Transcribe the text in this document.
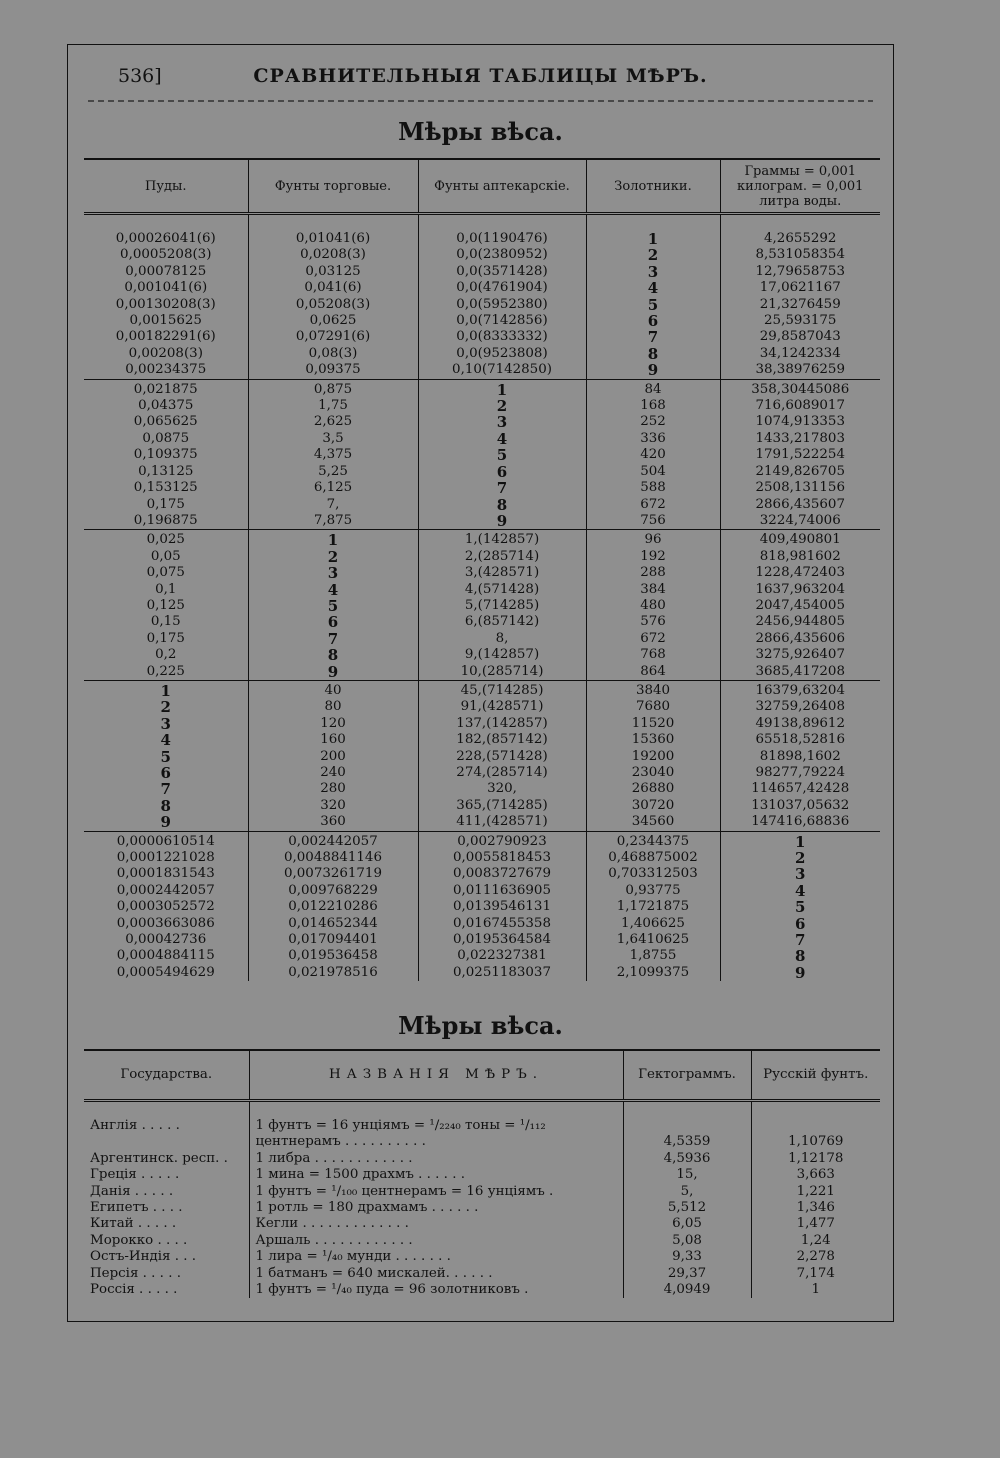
536]	СРАВНИТЕЛЬНЫЯ ТАБЛИЦЫ МѢРЪ.
Мѣры вѣса.
Пуды.	Фунты торговые.	Фунты аптекарскіе.	Золотники.	Граммы = 0,001 килограм. = 0,001 литра воды.

0,00026041(6)	0,01041(6)	0,0(1190476)	1	4,2655292
0,0005208(3)	0,0208(3)	0,0(2380952)	2	8,531058354
0,00078125	0,03125	0,0(3571428)	3	12,79658753
0,001041(6)	0,041(6)	0,0(4761904)	4	17,0621167
0,00130208(3)	0,05208(3)	0,0(5952380)	5	21,3276459
0,0015625	0,0625	0,0(7142856)	6	25,593175
0,00182291(6)	0,07291(6)	0,0(8333332)	7	29,8587043
0,00208(3)	0,08(3)	0,0(9523808)	8	34,1242334
0,00234375	0,09375	0,10(7142850)	9	38,38976259
0,021875	0,875	1	84	358,30445086
0,04375	1,75	2	168	716,6089017
0,065625	2,625	3	252	1074,913353
0,0875	3,5	4	336	1433,217803
0,109375	4,375	5	420	1791,522254
0,13125	5,25	6	504	2149,826705
0,153125	6,125	7	588	2508,131156
0,175	7,	8	672	2866,435607
0,196875	7,875	9	756	3224,74006
0,025	1	1,(142857)	96	409,490801
0,05	2	2,(285714)	192	818,981602
0,075	3	3,(428571)	288	1228,472403
0,1	4	4,(571428)	384	1637,963204
0,125	5	5,(714285)	480	2047,454005
0,15	6	6,(857142)	576	2456,944805
0,175	7	8,	672	2866,435606
0,2	8	9,(142857)	768	3275,926407
0,225	9	10,(285714)	864	3685,417208
1	40	45,(714285)	3840	16379,63204
2	80	91,(428571)	7680	32759,26408
3	120	137,(142857)	11520	49138,89612
4	160	182,(857142)	15360	65518,52816
5	200	228,(571428)	19200	81898,1602
6	240	274,(285714)	23040	98277,79224
7	280	320,	26880	114657,42428
8	320	365,(714285)	30720	131037,05632
9	360	411,(428571)	34560	147416,68836
0,0000610514	0,002442057	0,002790923	0,2344375	1
0,0001221028	0,0048841146	0,0055818453	0,468875002	2
0,0001831543	0,0073261719	0,0083727679	0,703312503	3
0,0002442057	0,009768229	0,0111636905	0,93775	4
0,0003052572	0,012210286	0,0139546131	1,1721875	5
0,0003663086	0,014652344	0,0167455358	1,406625	6
0,00042736	0,017094401	0,0195364584	1,6410625	7
0,0004884115	0,019536458	0,022327381	1,8755	8
0,0005494629	0,021978516	0,0251183037	2,1099375	9
Мѣры вѣса.
Государства.	НАЗВАНІЯ МѢРЪ.	Гектограммъ.	Русскій фунтъ.

Англія . . . . .	1 фунтъ = 16 унціямъ = ¹/₂₂₄₀ тоны = ¹/₁₁₂		
	центнерамъ . . . . . . . . . .	4,5359	1,10769
Аргентинск. респ. .	1 либра . . . . . . . . . . . .	4,5936	1,12178
Греція . . . . .	1 мина = 1500 драхмъ . . . . . .	15,	3,663
Данія . . . . .	1 фунтъ = ¹/₁₀₀ центнерамъ = 16 унціямъ .	5,	1,221
Египетъ . . . .	1 ротль = 180 драхмамъ . . . . . .	5,512	1,346
Китай . . . . .	Кегли . . . . . . . . . . . . .	6,05	1,477
Мороккo . . . .	Аршаль . . . . . . . . . . . .	5,08	1,24
Остъ-Индія . . .	1 лира = ¹/₄₀ мунди . . . . . . .	9,33	2,278
Персія . . . . .	1 батманъ = 640 мискалей. . . . . .	29,37	7,174
Россія . . . . .	1 фунтъ = ¹/₄₀ пуда = 96 золотниковъ .	4,0949	1
